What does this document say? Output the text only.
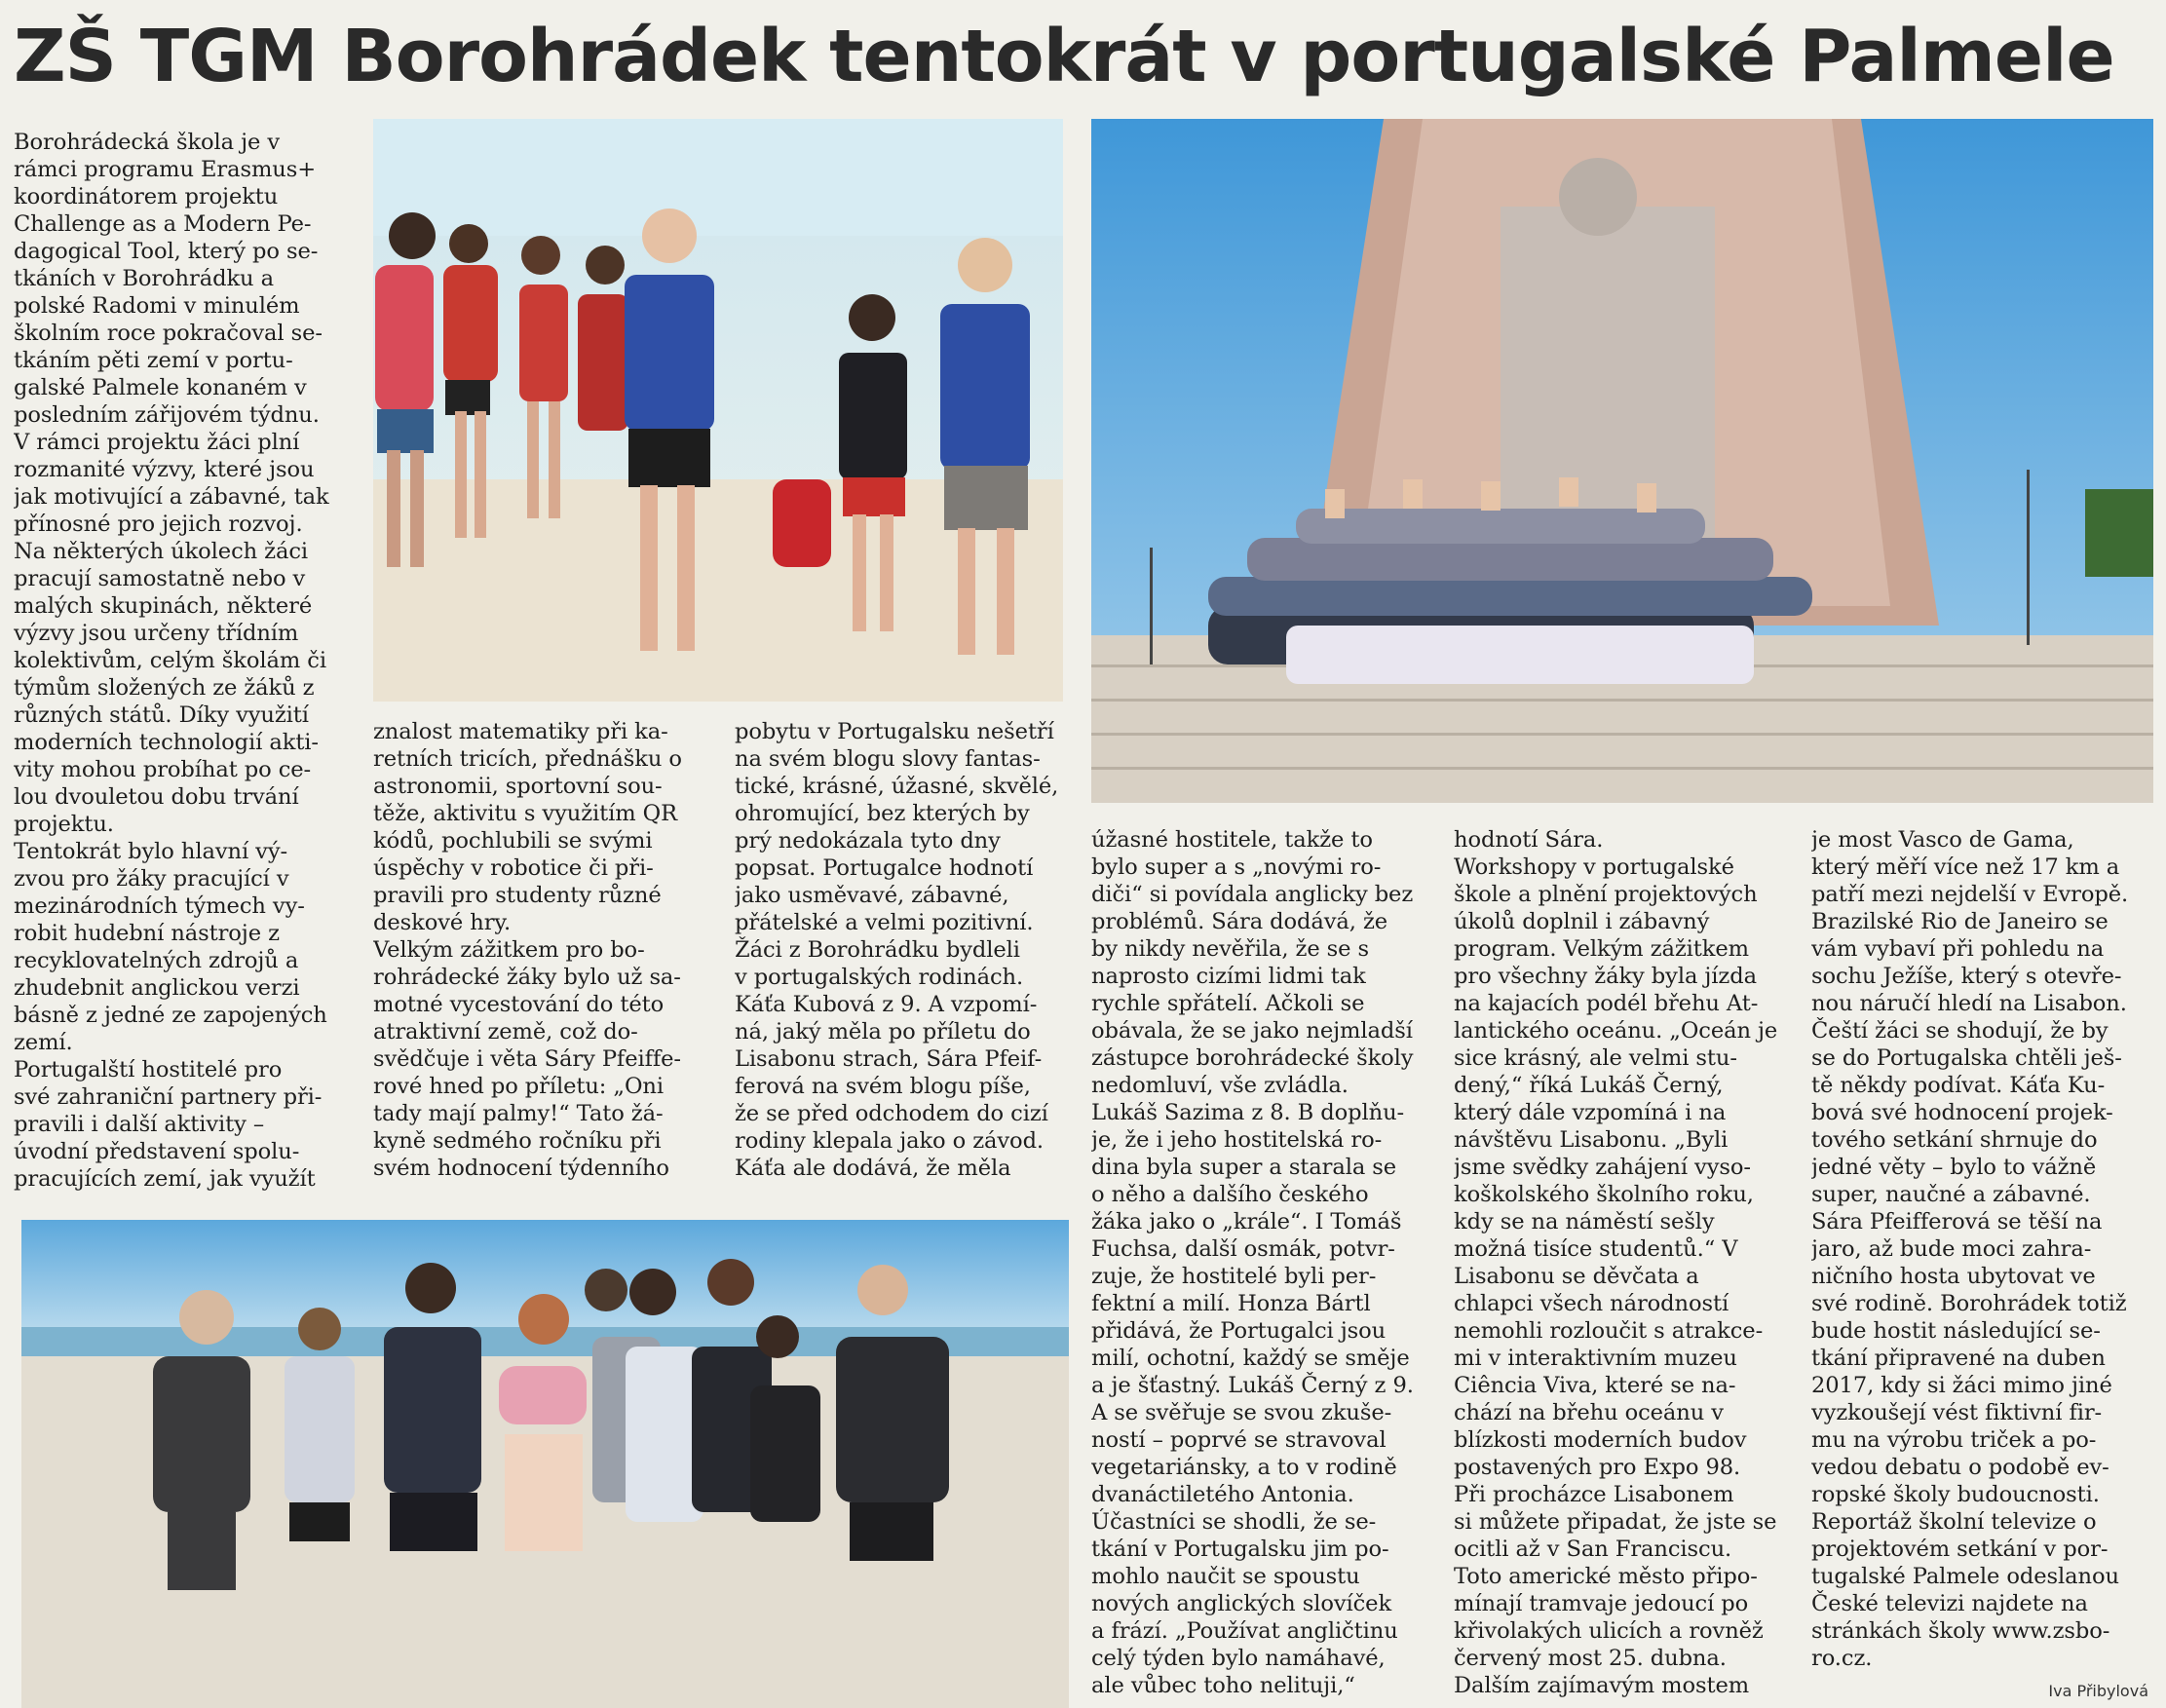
ZŠ TGM Borohrádek tentokrát v portugalské Palmele
Borohrádecká škola je v
rámci programu Erasmus+
koordinátorem projektu
Challenge as a Modern Pe-
dagogical Tool, který po se-
tkáních v Borohrádku a
polské Radomi v minulém
školním roce pokračoval se-
tkáním pěti zemí v portu-
galské Palmele konaném v
posledním zářijovém týdnu.
V rámci projektu žáci plní
rozmanité výzvy, které jsou
jak motivující a zábavné, tak
přínosné pro jejich rozvoj.
Na některých úkolech žáci
pracují samostatně nebo v
malých skupinách, některé
výzvy jsou určeny třídním
kolektivům, celým školám či
týmům složených ze žáků z
různých států. Díky využití
moderních technologií akti-
vity mohou probíhat po ce-
lou dvouletou dobu trvání
projektu.
Tentokrát bylo hlavní vý-
zvou pro žáky pracující v
mezinárodních týmech vy-
robit hudební nástroje z
recyklovatelných zdrojů a
zhudebnit anglickou verzi
básně z jedné ze zapojených
zemí.
Portugalští hostitelé pro
své zahraniční partnery při-
pravili i další aktivity –
úvodní představení spolu-
pracujících zemí, jak využít
znalost matematiky při ka-
retních tricích, přednášku o
astronomii, sportovní sou-
těže, aktivitu s využitím QR
kódů, pochlubili se svými
úspěchy v robotice či při-
pravili pro studenty různé
deskové hry.
Velkým zážitkem pro bo-
rohrádecké žáky bylo už sa-
motné vycestování do této
atraktivní země, což do-
svědčuje i věta Sáry Pfeiffe-
rové hned po příletu: „Oni
tady mají palmy!“ Tato žá-
kyně sedmého ročníku při
svém hodnocení týdenního
pobytu v Portugalsku nešetří
na svém blogu slovy fantas-
tické, krásné, úžasné, skvělé,
ohromující, bez kterých by
prý nedokázala tyto dny
popsat. Portugalce hodnotí
jako usměvavé, zábavné,
přátelské a velmi pozitivní.
Žáci z Borohrádku bydleli
v portugalských rodinách.
Káťa Kubová z 9. A vzpomí-
ná, jaký měla po příletu do
Lisabonu strach, Sára Pfeif-
ferová na svém blogu píše,
že se před odchodem do cizí
rodiny klepala jako o závod.
Káťa ale dodává, že měla
úžasné hostitele, takže to
bylo super a s „novými ro-
diči“ si povídala anglicky bez
problémů. Sára dodává, že
by nikdy nevěřila, že se s
naprosto cizími lidmi tak
rychle spřátelí. Ačkoli se
obávala, že se jako nejmladší
zástupce borohrádecké školy
nedomluví, vše zvládla.
Lukáš Sazima z 8. B doplňu-
je, že i jeho hostitelská ro-
dina byla super a starala se
o něho a dalšího českého
žáka jako o „krále“. I Tomáš
Fuchsa, další osmák, potvr-
zuje, že hostitelé byli per-
fektní a milí. Honza Bártl
přidává, že Portugalci jsou
milí, ochotní, každý se směje
a je šťastný. Lukáš Černý z 9.
A se svěřuje se svou zkuše-
ností – poprvé se stravoval
vegetariánsky, a to v rodině
dvanáctiletého Antonia.
Účastníci se shodli, že se-
tkání v Portugalsku jim po-
mohlo naučit se spoustu
nových anglických slovíček
a frází. „Používat angličtinu
celý týden bylo namáhavé,
ale vůbec toho nelituji,“
hodnotí Sára.
Workshopy v portugalské
škole a plnění projektových
úkolů doplnil i zábavný
program. Velkým zážitkem
pro všechny žáky byla jízda
na kajacích podél břehu At-
lantického oceánu. „Oceán je
sice krásný, ale velmi stu-
dený,“ říká Lukáš Černý,
který dále vzpomíná i na
návštěvu Lisabonu. „Byli
jsme svědky zahájení vyso-
koškolského školního roku,
kdy se na náměstí sešly
možná tisíce studentů.“ V
Lisabonu se děvčata a
chlapci všech národností
nemohli rozloučit s atrakce-
mi v interaktivním muzeu
Ciência Viva, které se na-
chází na břehu oceánu v
blízkosti moderních budov
postavených pro Expo 98.
Při procházce Lisabonem
si můžete připadat, že jste se
ocitli až v San Franciscu.
Toto americké město připo-
mínají tramvaje jedoucí po
křivolakých ulicích a rovněž
červený most 25. dubna.
Dalším zajímavým mostem
je most Vasco de Gama,
který měří více než 17 km a
patří mezi nejdelší v Evropě.
Brazilské Rio de Janeiro se
vám vybaví při pohledu na
sochu Ježíše, který s otevře-
nou náručí hledí na Lisabon.
Čeští žáci se shodují, že by
se do Portugalska chtěli ješ-
tě někdy podívat. Káťa Ku-
bová své hodnocení projek-
tového setkání shrnuje do
jedné věty – bylo to vážně
super, naučné a zábavné.
Sára Pfeifferová se těší na
jaro, až bude moci zahra-
ničního hosta ubytovat ve
své rodině. Borohrádek totiž
bude hostit následující se-
tkání připravené na duben
2017, kdy si žáci mimo jiné
vyzkoušejí vést fiktivní fir-
mu na výrobu triček a po-
vedou debatu o podobě ev-
ropské školy budoucnosti.
Reportáž školní televize o
projektovém setkání v por-
tugalské Palmele odeslanou
České televizi najdete na
stránkách školy www.zsbo-
ro.cz.
Iva Přibylová
